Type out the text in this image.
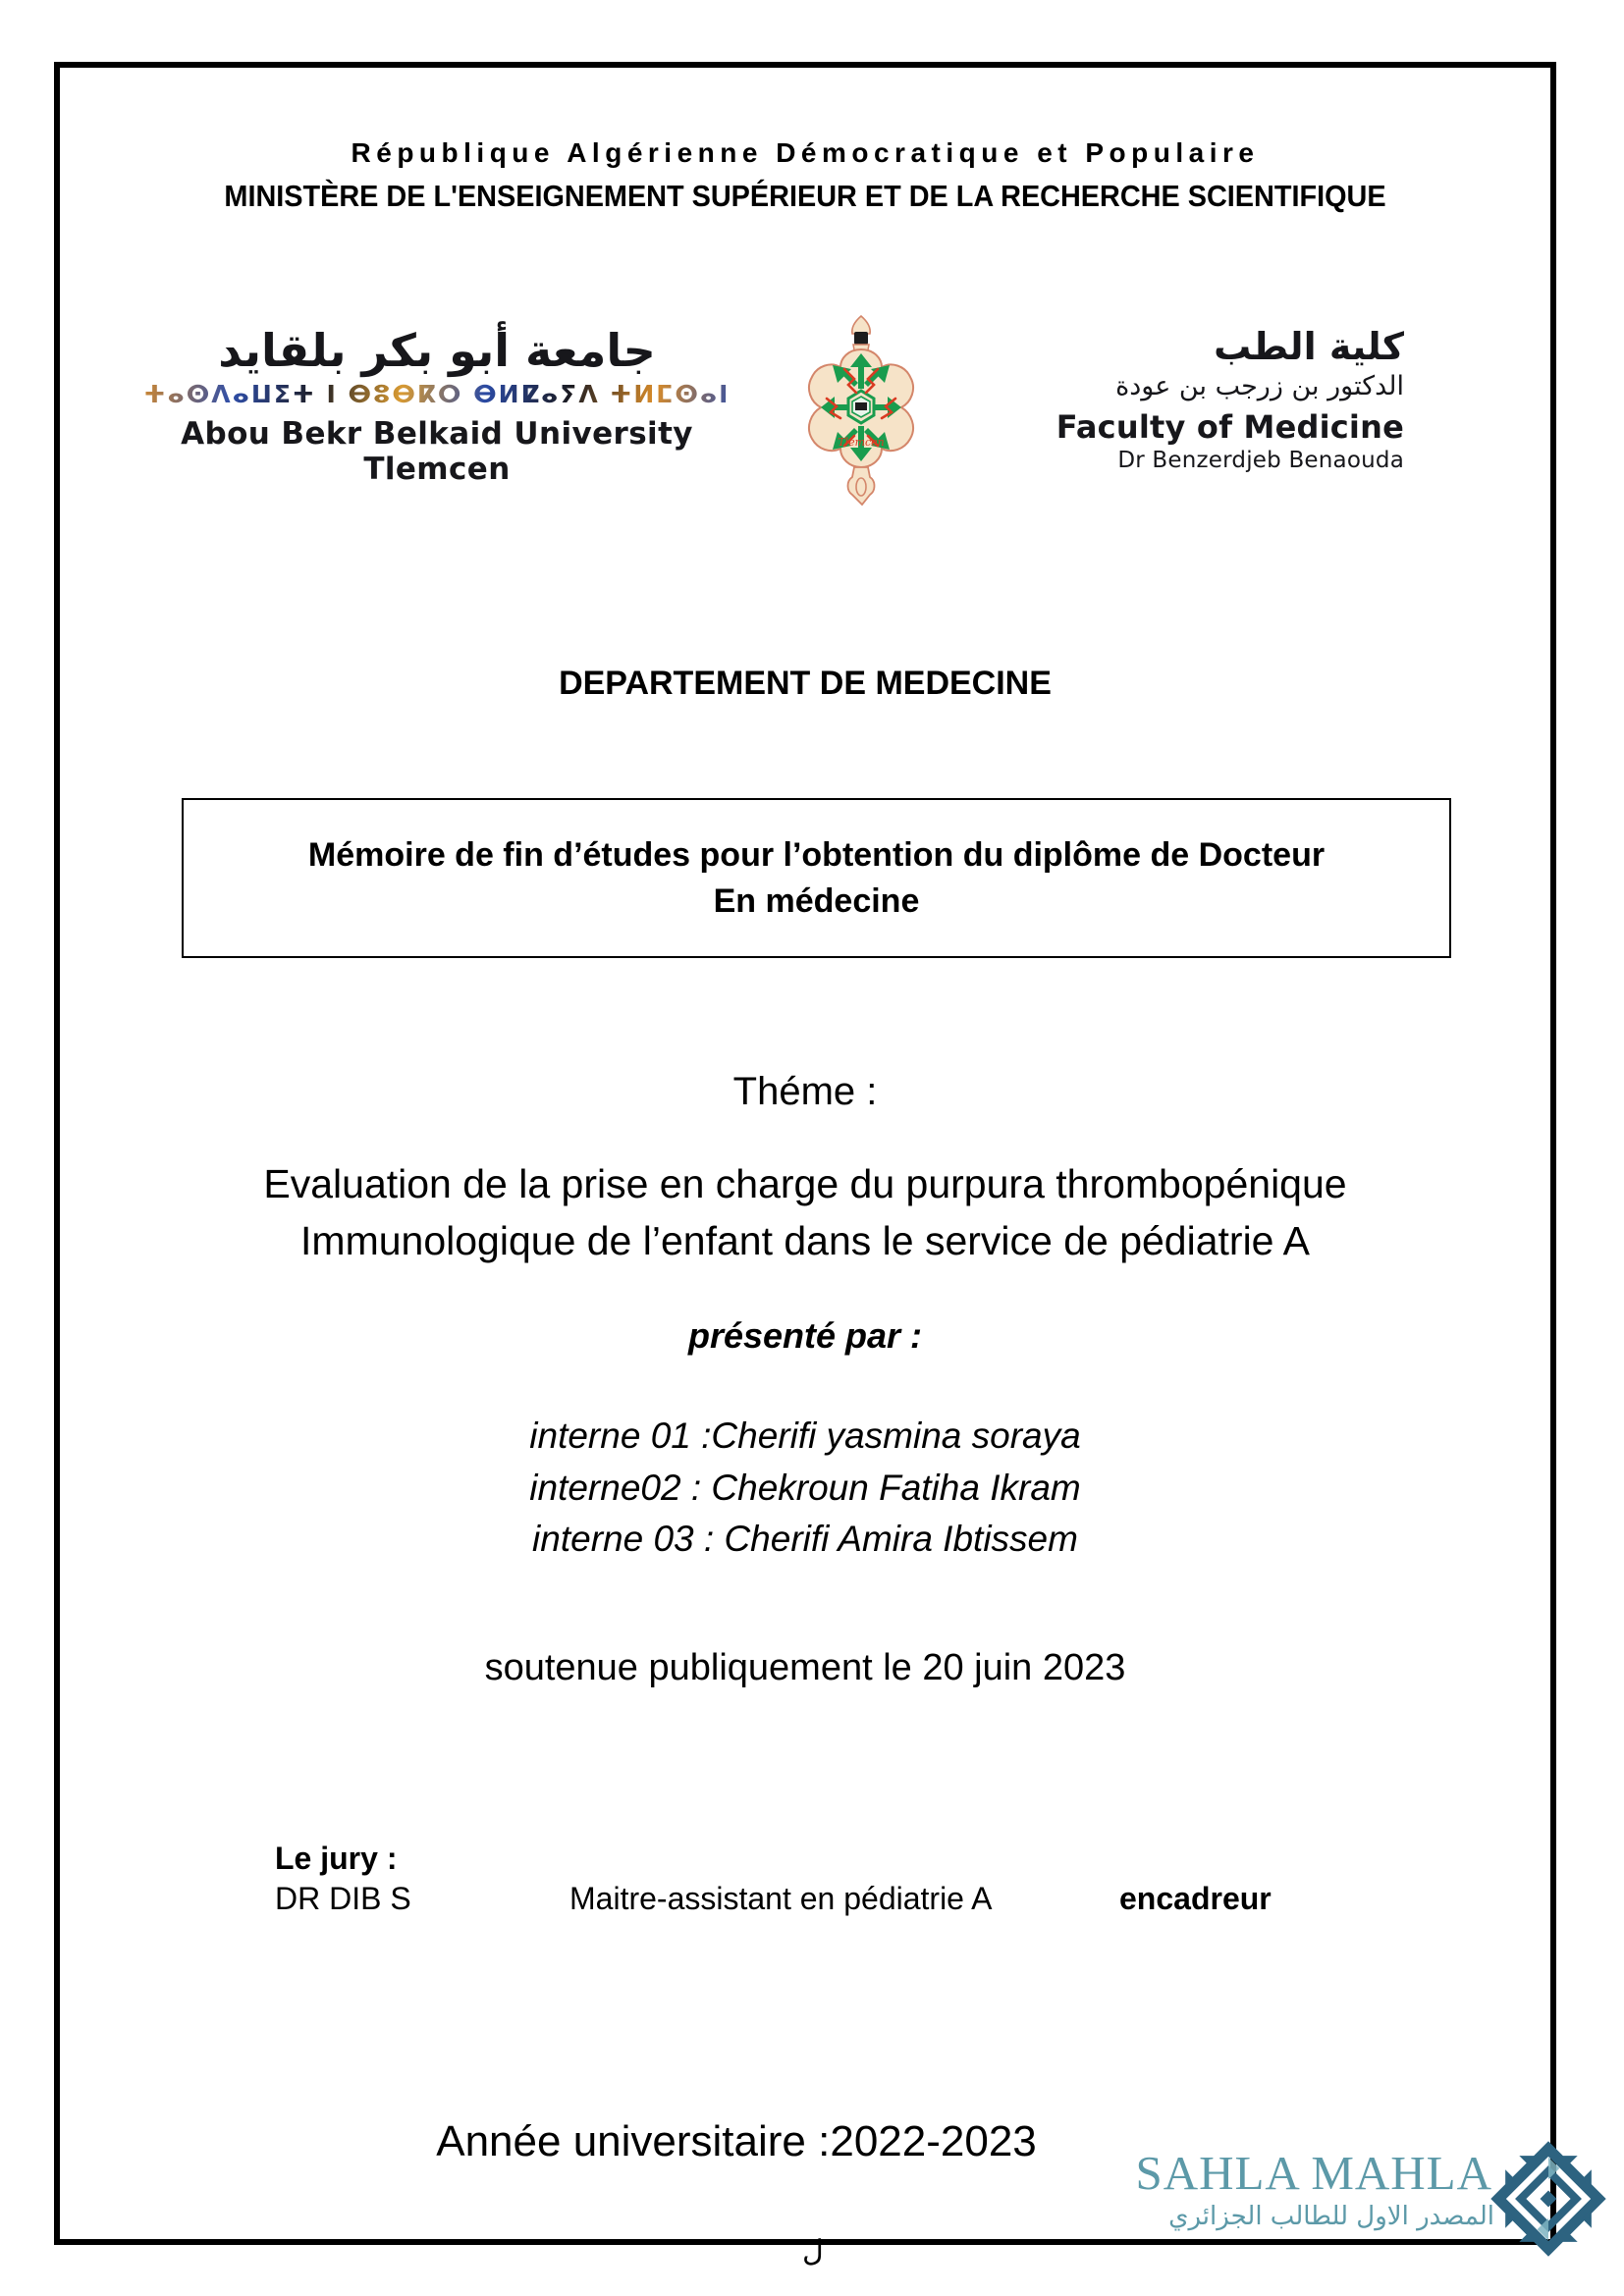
République Algérienne Démocratique et Populaire
MINISTÈRE DE L'ENSEIGNEMENT SUPÉRIEUR ET DE LA RECHERCHE SCIENTIFIQUE
جامعة أبو بكر بلقايد
ⵜⴰⵙⴷⴰⵡⵉⵜ ⵏ ⴱⵓⴱⴽⵔ ⴱⵍⵇⴰⵢⴷ ⵜⵍⵎⵙⴰⵏ
Abou Bekr Belkaid University Tlemcen
Tlemcen
كلية الطب
الدكتور بن زرجب بن عودة
Faculty of Medicine
Dr Benzerdjeb Benaouda
DEPARTEMENT DE MEDECINE
Mémoire de fin d’études pour l’obtention du diplôme de Docteur
En médecine
Théme :
Evaluation de la prise en charge du purpura thrombopénique
Immunologique de l’enfant dans le service de pédiatrie A
présenté par :
interne 01 :Cherifi yasmina soraya
interne02 : Chekroun Fatiha Ikram
interne 03 : Cherifi Amira Ibtissem
soutenue publiquement le 20 juin 2023
Le jury :
DR DIB S	Maitre-assistant en pédiatrie A	encadreur
Année universitaire :2022-2023
SAHLA MAHLA
المصدر الاول للطالب الجزائري
ل
